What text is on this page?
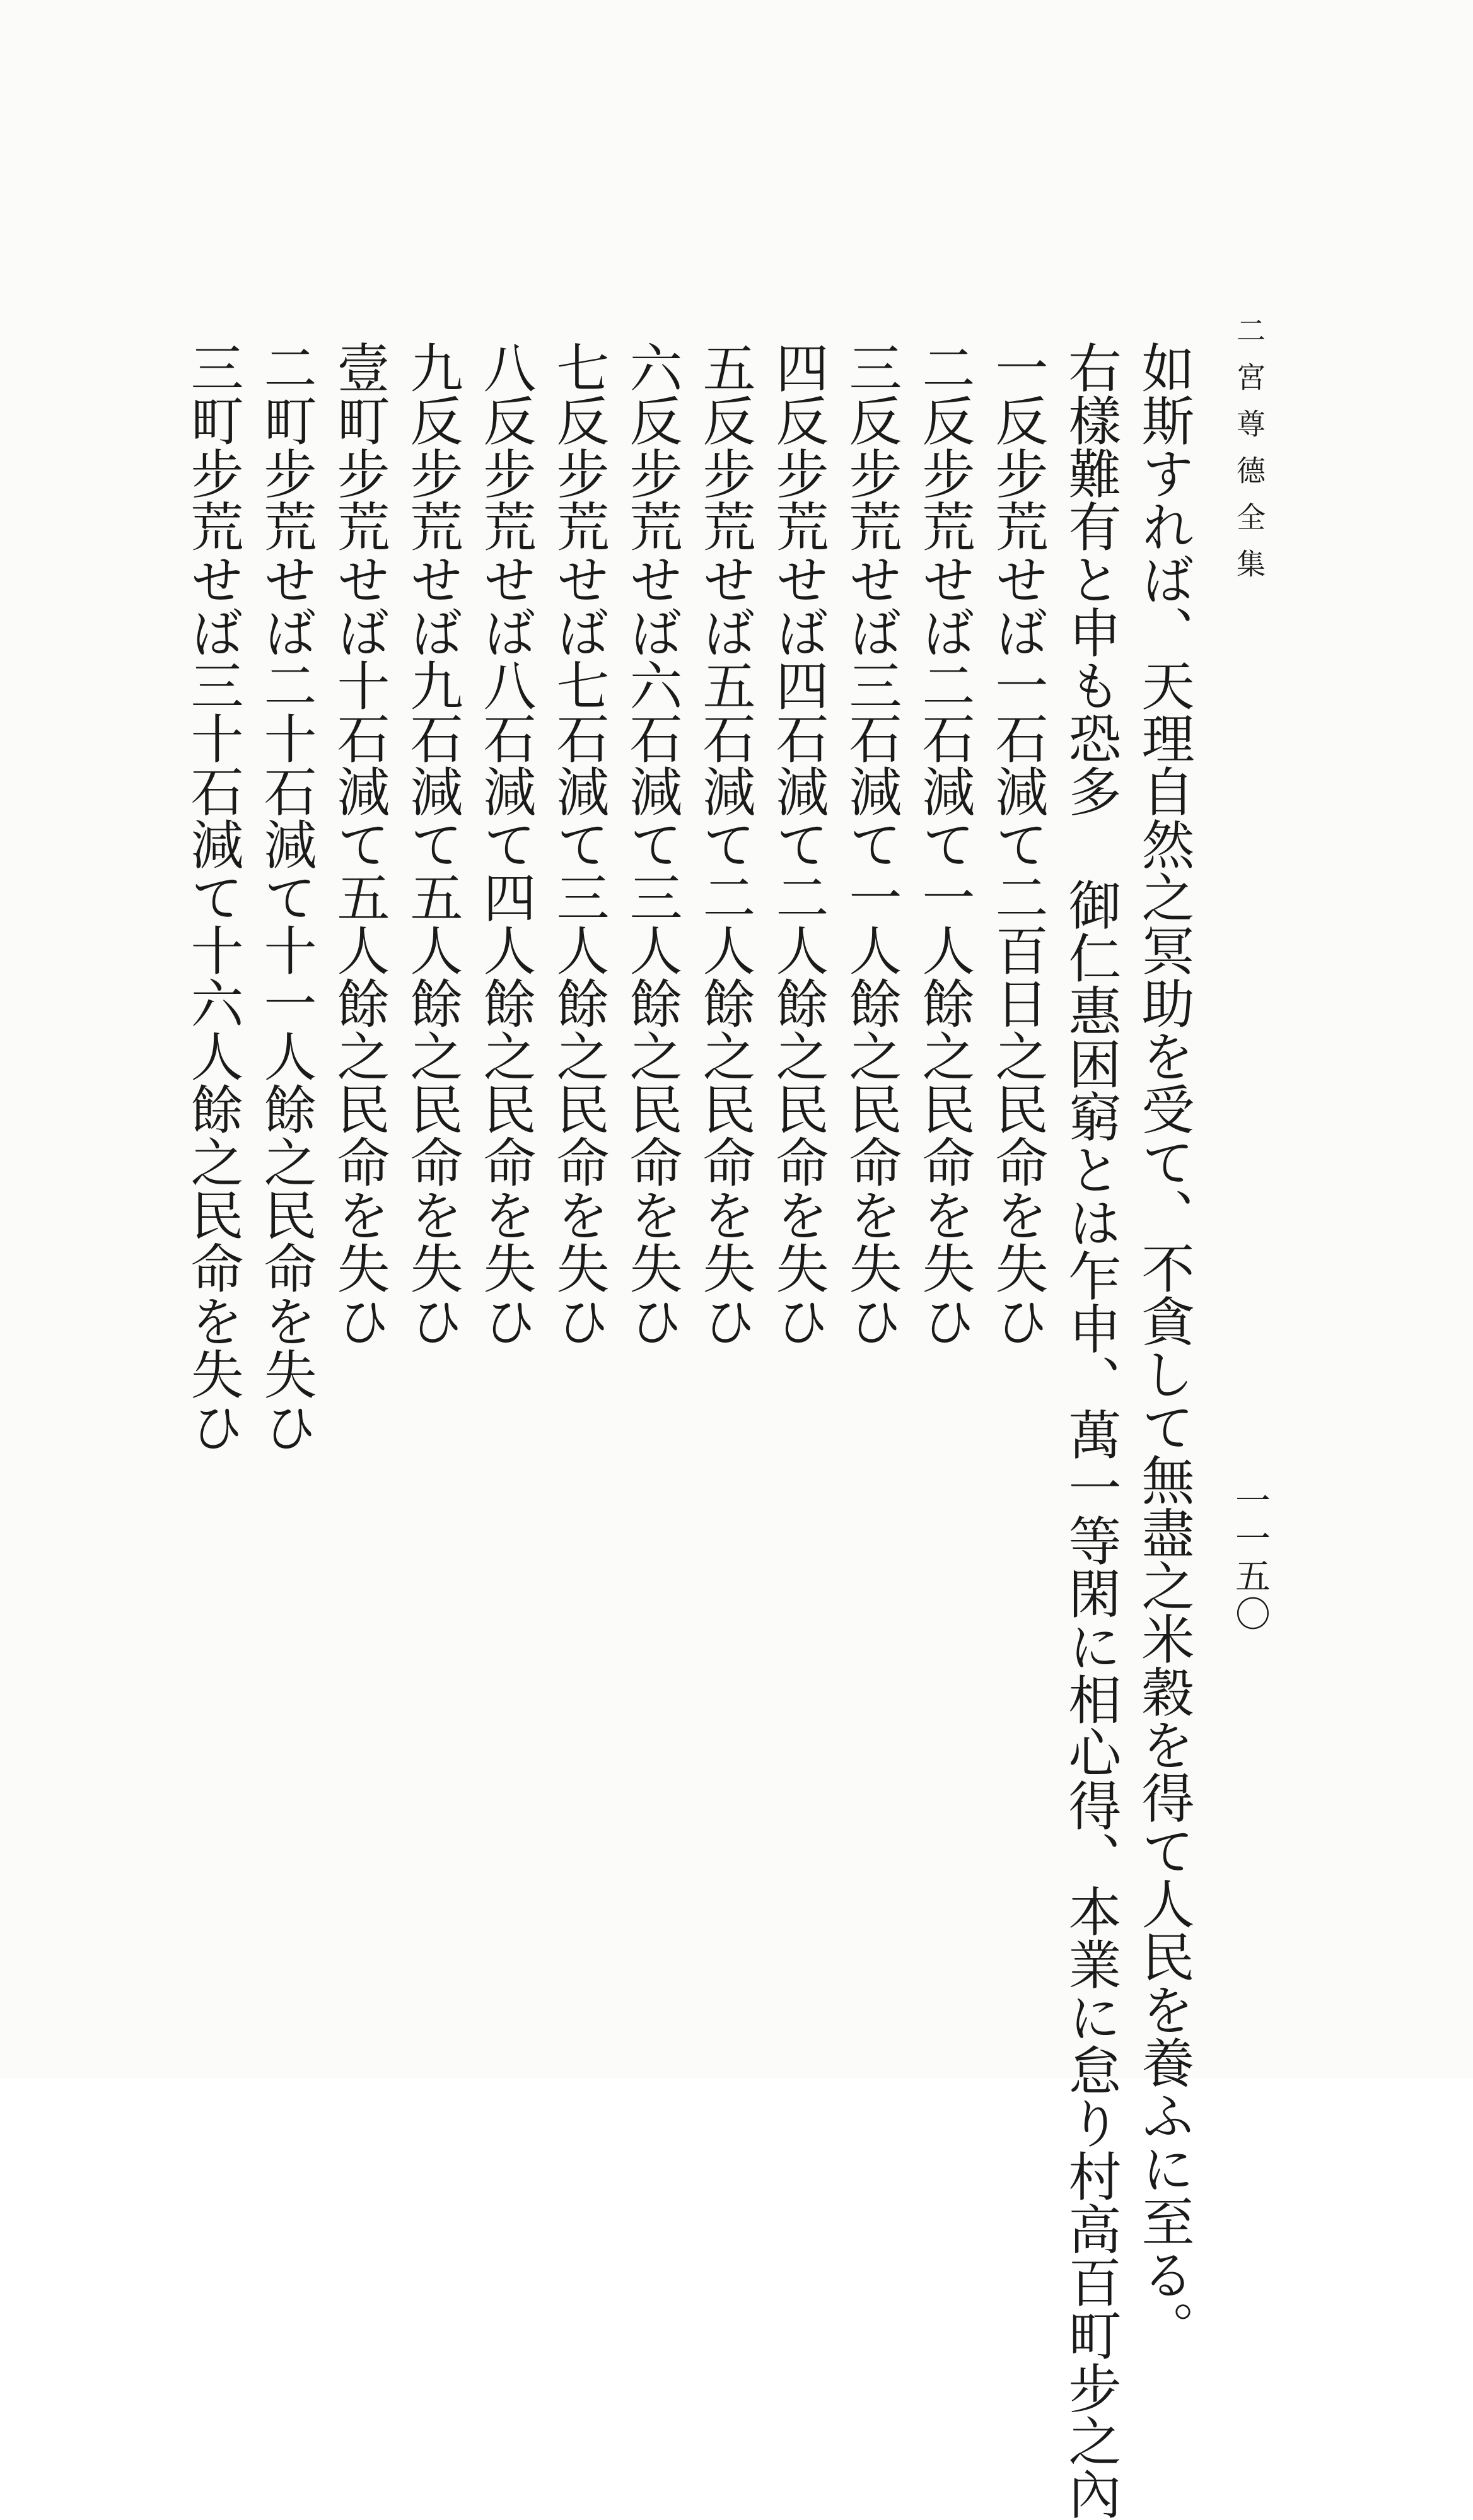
二宮尊德全集
一一五〇
如斯すれば、天理自然之冥助を受て、不貪して無盡之米穀を得て人民を養ふに至る。
右樣難有と申も恐多御仁惠困窮とは乍申、萬一等閑に相心得、本業に怠り村高百町步之內
一反步荒せば一石減て二百日之民命を失ひ
二反步荒せば二石減て一人餘之民命を失ひ
三反步荒せば三石減て一人餘之民命を失ひ
四反步荒せば四石減て二人餘之民命を失ひ
五反步荒せば五石減て二人餘之民命を失ひ
六反步荒せば六石減て三人餘之民命を失ひ
七反步荒せば七石減て三人餘之民命を失ひ
八反步荒せば八石減て四人餘之民命を失ひ
九反步荒せば九石減て五人餘之民命を失ひ
壹町步荒せば十石減て五人餘之民命を失ひ
二町步荒せば二十石減て十一人餘之民命を失ひ
三町步荒せば三十石減て十六人餘之民命を失ひ
